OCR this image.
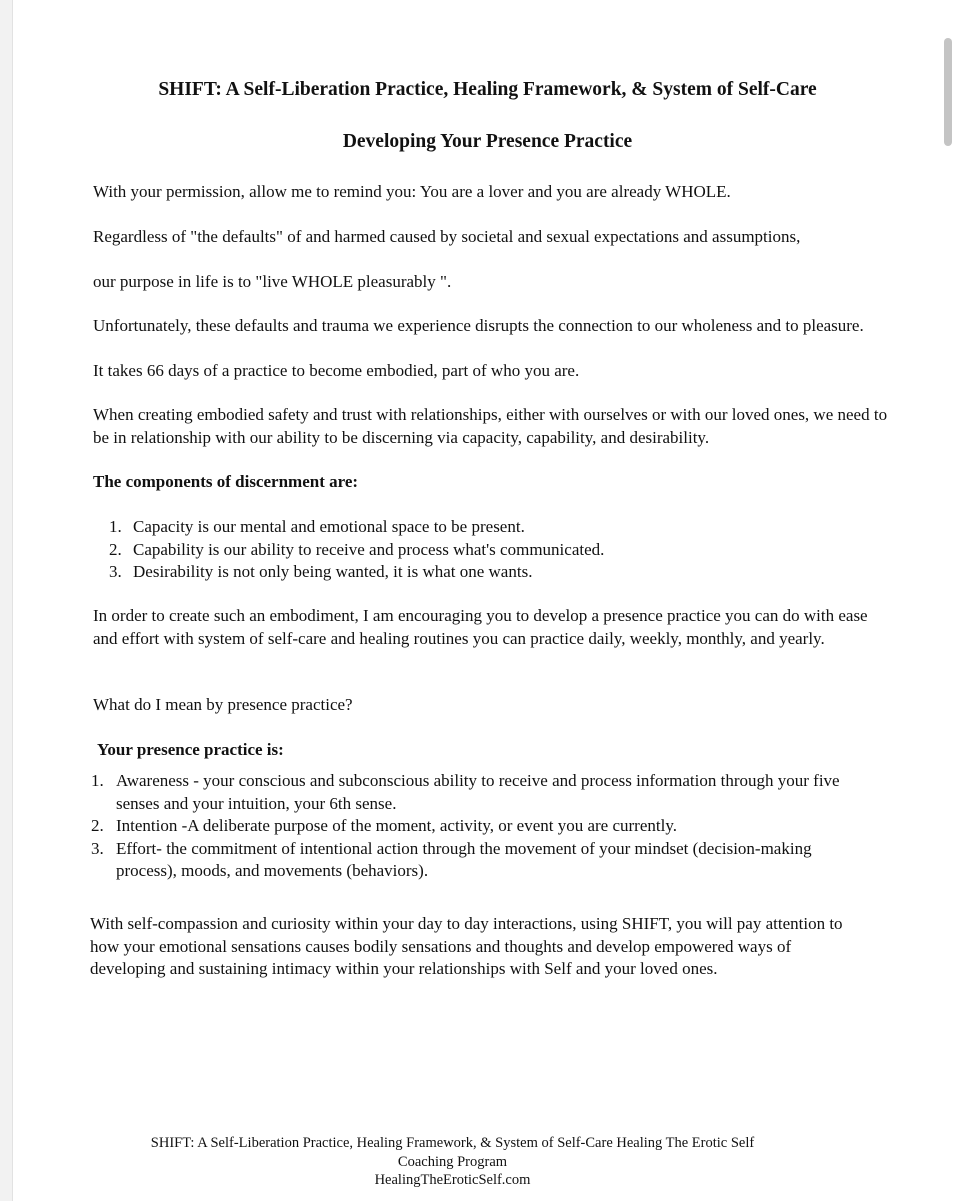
SHIFT: A Self-Liberation Practice, Healing Framework, & System of Self-Care
Developing Your Presence Practice

With your permission, allow me to remind you: You are a lover and you are already WHOLE.

Regardless of "the defaults" of and harmed caused by societal and sexual expectations and assumptions,

our purpose in life is to "live WHOLE pleasurably ".

Unfortunately, these defaults and trauma we experience disrupts the connection to our wholeness and to pleasure.

It takes 66 days of a practice to become embodied, part of who you are.

When creating embodied safety and trust with relationships, either with ourselves or with our loved ones, we need to be in relationship with our ability to be discerning via capacity, capability, and desirability.

The components of discernment are:

1. Capacity is our mental and emotional space to be present.
2. Capability is our ability to receive and process what's communicated.
3. Desirability is not only being wanted, it is what one wants.

In order to create such an embodiment, I am encouraging you to develop a presence practice you can do with ease and effort with system of self-care and healing routines you can practice daily, weekly, monthly, and yearly.

What do I mean by presence practice?

Your presence practice is:

1. Awareness - your conscious and subconscious ability to receive and process information through your five senses and your intuition, your 6th sense.
2. Intention -A deliberate purpose of the moment, activity, or event you are currently.
3. Effort- the commitment of intentional action through the movement of your mindset (decision-making process), moods, and movements (behaviors).

With self-compassion and curiosity within your day to day interactions, using SHIFT, you will pay attention to how your emotional sensations causes bodily sensations and thoughts and develop empowered ways of developing and sustaining intimacy within your relationships with Self and your loved ones.

SHIFT: A Self-Liberation Practice, Healing Framework, & System of Self-Care Healing The Erotic Self Coaching Program
HealingTheEroticSelf.com
